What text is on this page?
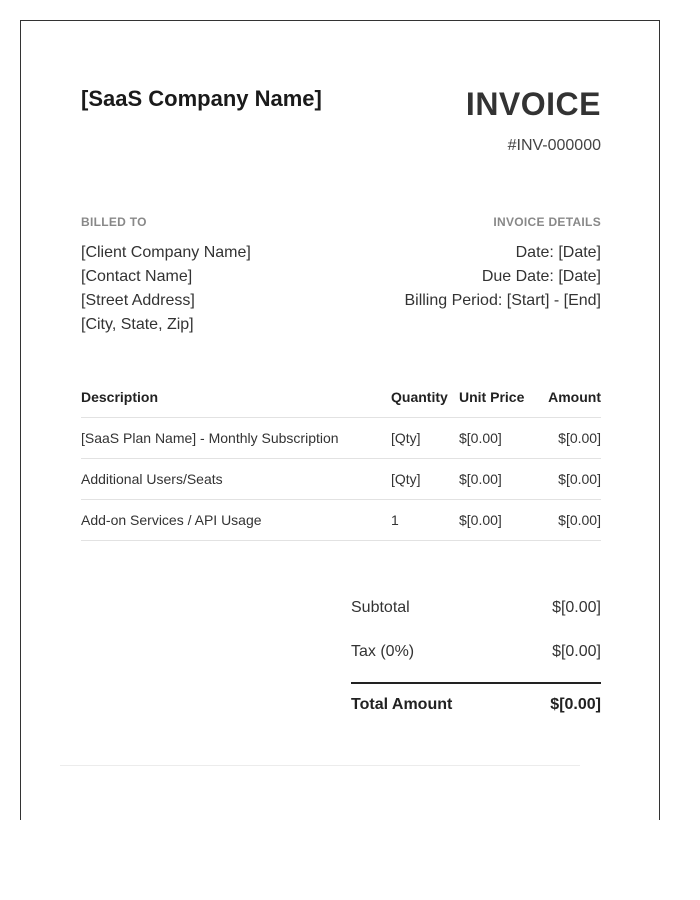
[SaaS Company Name]	INVOICE
#INV-000000
BILLED TO	INVOICE DETAILS
[Client Company Name]
[Contact Name]
[Street Address]
[City, State, Zip]
Date: [Date]
Due Date: [Date]
Billing Period: [Start] - [End]
Description	Quantity	Unit Price	Amount
[SaaS Plan Name] - Monthly Subscription	[Qty]	$[0.00]	$[0.00]
Additional Users/Seats	[Qty]	$[0.00]	$[0.00]
Add-on Services / API Usage	1	$[0.00]	$[0.00]
Subtotal	$[0.00]
Tax (0%)	$[0.00]
Total Amount	$[0.00]
